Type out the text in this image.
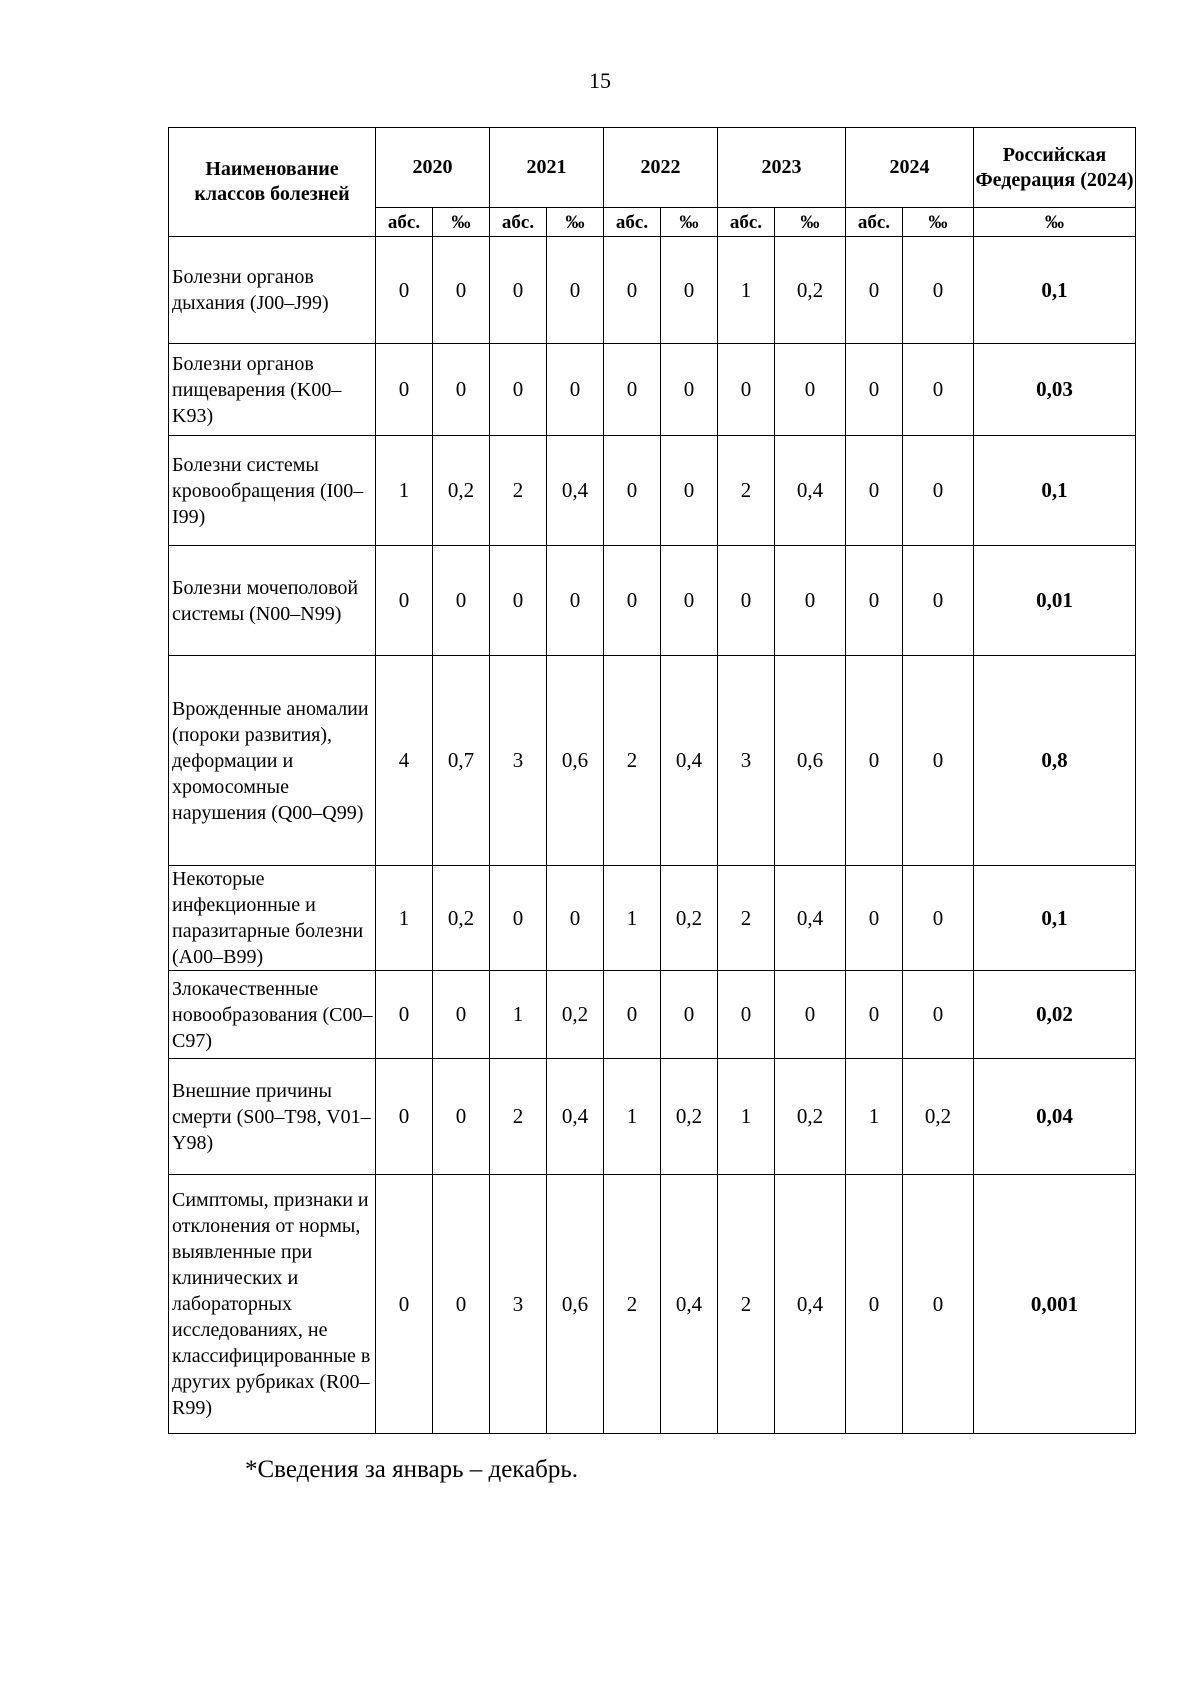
15
Наименование классов болезней	2020		2021		2022		2023		2024		Российская Федерация (2024)
	абс.	‰	абс.	‰	абс.	‰	абс.	‰	абс.	‰	‰
Болезни органов дыхания (J00–J99)	0	0	0	0	0	0	1	0,2	0	0	0,1
Болезни органов пищеварения (K00–K93)	0	0	0	0	0	0	0	0	0	0	0,03
Болезни системы кровообращения (I00–I99)	1	0,2	2	0,4	0	0	2	0,4	0	0	0,1
Болезни мочеполовой системы (N00–N99)	0	0	0	0	0	0	0	0	0	0	0,01
Врожденные аномалии (пороки развития), деформации и хромосомные нарушения (Q00–Q99)	4	0,7	3	0,6	2	0,4	3	0,6	0	0	0,8
Некоторые инфекционные и паразитарные болезни (A00–B99)	1	0,2	0	0	1	0,2	2	0,4	0	0	0,1
Злокачественные новообразования (C00–C97)	0	0	1	0,2	0	0	0	0	0	0	0,02
Внешние причины смерти (S00–T98, V01–Y98)	0	0	2	0,4	1	0,2	1	0,2	1	0,2	0,04
Симптомы, признаки и отклонения от нормы, выявленные при клинических и лабораторных исследованиях, не классифицированные в других рубриках (R00–R99)	0	0	3	0,6	2	0,4	2	0,4	0	0	0,001
*Сведения за январь – декабрь.
